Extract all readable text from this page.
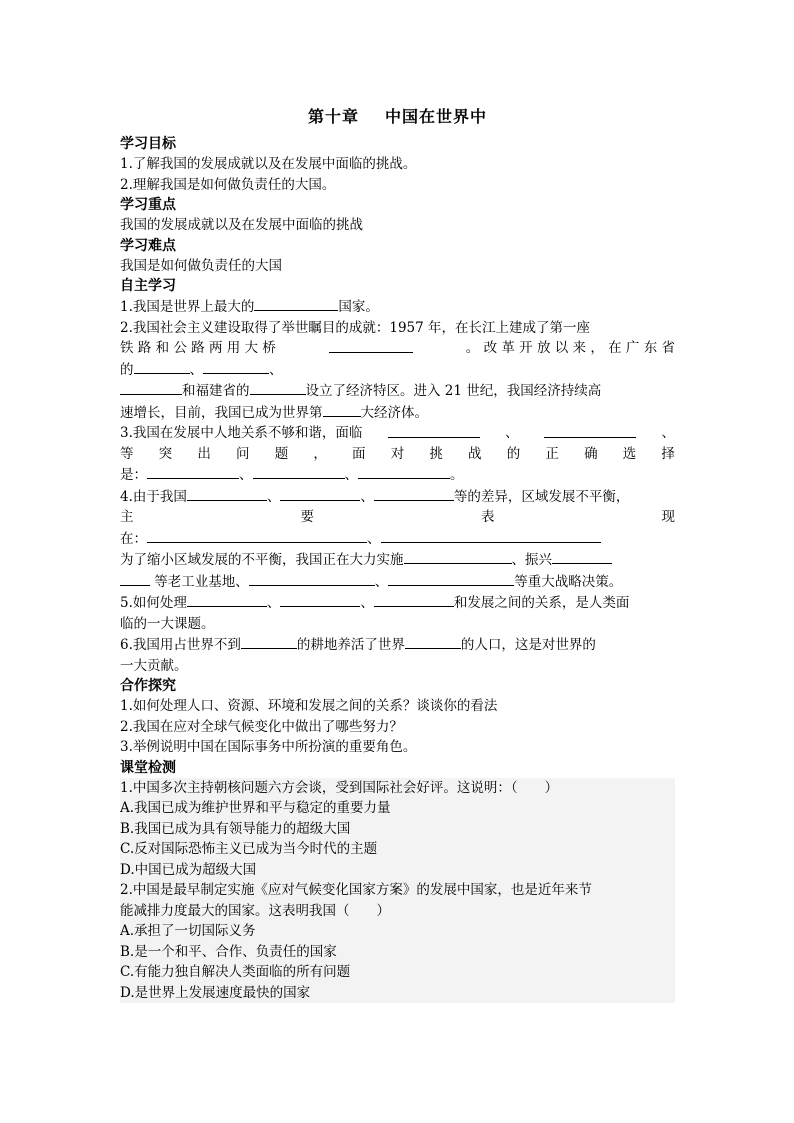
第十章 中国在世界中
学习目标
1.了解我国的发展成就以及在发展中面临的挑战。
2.理解我国是如何做负责任的大国。
学习重点
我国的发展成就以及在发展中面临的挑战
学习难点
我国是如何做负责任的大国
自主学习
1.我国是世界上最大的	国家。
2.我国社会主义建设取得了举世瞩目的成就：1957 年，在长江上建成了第一座
铁 路 和 公 路 两 用 大 桥	。 改 革 开 放 以 来 ， 在 广 东 省
的	、	、
和福建省的	设立了经济特区。进入 21 世纪，我国经济持续高
速增长，目前，我国已成为世界第	大经济体。
3.我国在发展中人地关系不够和谐，面临	、	、
等 突 出 问 题 ， 面 对 挑 战 的 正 确 选 择
是：	、	、	。
4.由于我国	、	、	等的差异，区域发展不平衡，
主	要	表	现
在：	、
为了缩小区域发展的不平衡，我国正在大力实施	、振兴
等老工业基地、	、	等重大战略决策。
5.如何处理	、	、	和发展之间的关系，是人类面
临的一大课题。
6.我国用占世界不到	的耕地养活了世界	的人口，这是对世界的
一大贡献。
合作探究
1.如何处理人口、资源、环境和发展之间的关系？谈谈你的看法
2.我国在应对全球气候变化中做出了哪些努力？
3.举例说明中国在国际事务中所扮演的重要角色。
课堂检测
1.中国多次主持朝核问题六方会谈，受到国际社会好评。这说明：（　　）
A.我国已成为维护世界和平与稳定的重要力量
B.我国已成为具有领导能力的超级大国
C.反对国际恐怖主义已成为当今时代的主题
D.中国已成为超级大国
2.中国是最早制定实施《应对气候变化国家方案》的发展中国家，也是近年来节
能减排力度最大的国家。这表明我国（　　）
A.承担了一切国际义务
B.是一个和平、合作、负责任的国家
C.有能力独自解决人类面临的所有问题
D.是世界上发展速度最快的国家
